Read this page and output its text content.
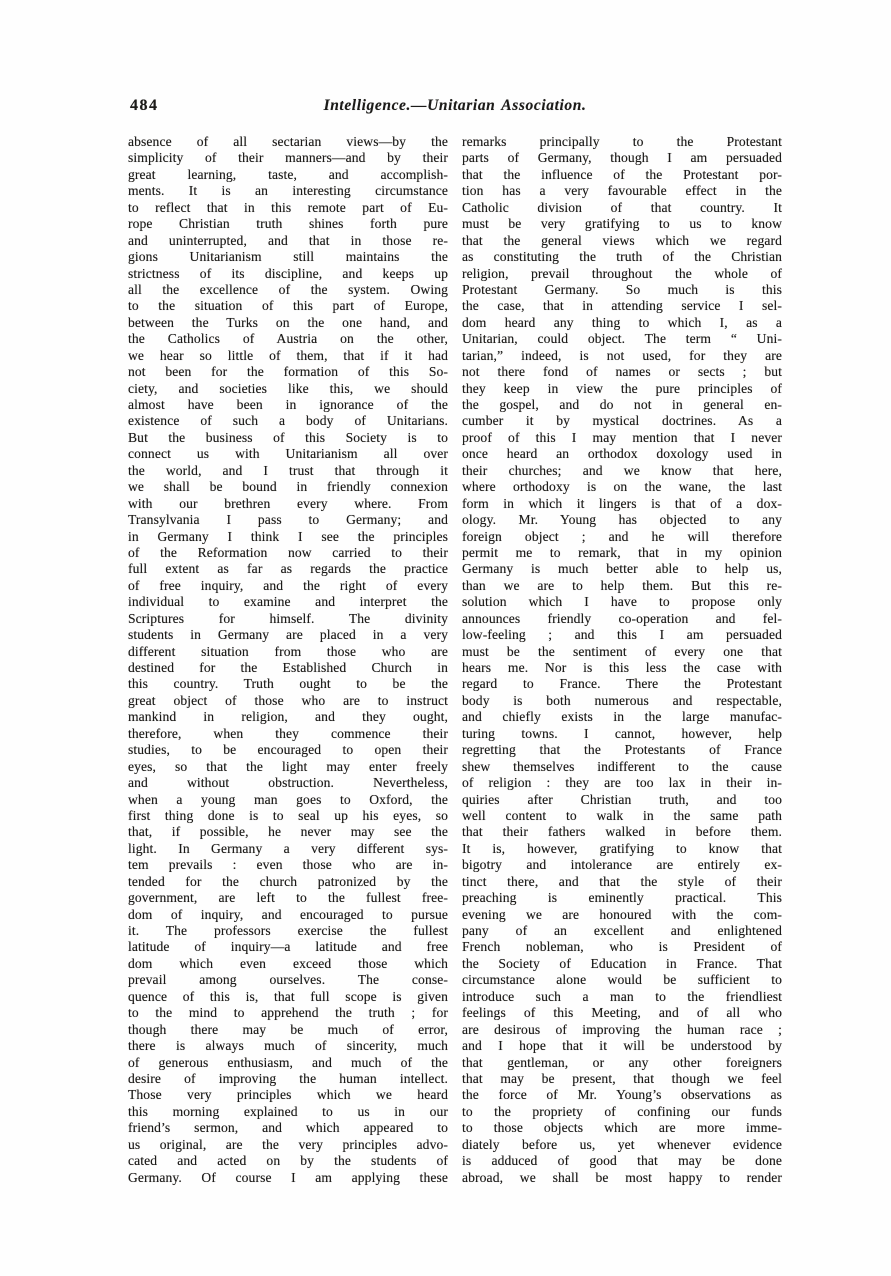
484	Intelligence.—Unitarian Association.
absence of all sectarian views—by the
simplicity of their manners—and by their
great learning, taste, and accomplish-
ments. It is an interesting circumstance
to reflect that in this remote part of Eu-
rope Christian truth shines forth pure
and uninterrupted, and that in those re-
gions Unitarianism still maintains the
strictness of its discipline, and keeps up
all the excellence of the system. Owing
to the situation of this part of Europe,
between the Turks on the one hand, and
the Catholics of Austria on the other,
we hear so little of them, that if it had
not been for the formation of this So-
ciety, and societies like this, we should
almost have been in ignorance of the
existence of such a body of Unitarians.
But the business of this Society is to
connect us with Unitarianism all over
the world, and I trust that through it
we shall be bound in friendly connexion
with our brethren every where. From
Transylvania I pass to Germany; and
in Germany I think I see the principles
of the Reformation now carried to their
full extent as far as regards the practice
of free inquiry, and the right of every
individual to examine and interpret the
Scriptures for himself. The divinity
students in Germany are placed in a very
different situation from those who are
destined for the Established Church in
this country. Truth ought to be the
great object of those who are to instruct
mankind in religion, and they ought,
therefore, when they commence their
studies, to be encouraged to open their
eyes, so that the light may enter freely
and without obstruction. Nevertheless,
when a young man goes to Oxford, the
first thing done is to seal up his eyes, so
that, if possible, he never may see the
light. In Germany a very different sys-
tem prevails : even those who are in-
tended for the church patronized by the
government, are left to the fullest free-
dom of inquiry, and encouraged to pursue
it. The professors exercise the fullest
latitude of inquiry—a latitude and free
dom which even exceed those which
prevail among ourselves. The conse-
quence of this is, that full scope is given
to the mind to apprehend the truth ; for
though there may be much of error,
there is always much of sincerity, much
of generous enthusiasm, and much of the
desire of improving the human intellect.
Those very principles which we heard
this morning explained to us in our
friend’s sermon, and which appeared to
us original, are the very principles advo-
cated and acted on by the students of
Germany. Of course I am applying these
remarks principally to the Protestant
parts of Germany, though I am persuaded
that the influence of the Protestant por-
tion has a very favourable effect in the
Catholic division of that country. It
must be very gratifying to us to know
that the general views which we regard
as constituting the truth of the Christian
religion, prevail throughout the whole of
Protestant Germany. So much is this
the case, that in attending service I sel-
dom heard any thing to which I, as a
Unitarian, could object. The term “ Uni-
tarian,” indeed, is not used, for they are
not there fond of names or sects ; but
they keep in view the pure principles of
the gospel, and do not in general en-
cumber it by mystical doctrines. As a
proof of this I may mention that I never
once heard an orthodox doxology used in
their churches; and we know that here,
where orthodoxy is on the wane, the last
form in which it lingers is that of a dox-
ology. Mr. Young has objected to any
foreign object ; and he will therefore
permit me to remark, that in my opinion
Germany is much better able to help us,
than we are to help them. But this re-
solution which I have to propose only
announces friendly co-operation and fel-
low-feeling ; and this I am persuaded
must be the sentiment of every one that
hears me. Nor is this less the case with
regard to France. There the Protestant
body is both numerous and respectable,
and chiefly exists in the large manufac-
turing towns. I cannot, however, help
regretting that the Protestants of France
shew themselves indifferent to the cause
of religion : they are too lax in their in-
quiries after Christian truth, and too
well content to walk in the same path
that their fathers walked in before them.
It is, however, gratifying to know that
bigotry and intolerance are entirely ex-
tinct there, and that the style of their
preaching is eminently practical. This
evening we are honoured with the com-
pany of an excellent and enlightened
French nobleman, who is President of
the Society of Education in France. That
circumstance alone would be sufficient to
introduce such a man to the friendliest
feelings of this Meeting, and of all who
are desirous of improving the human race ;
and I hope that it will be understood by
that gentleman, or any other foreigners
that may be present, that though we feel
the force of Mr. Young’s observations as
to the propriety of confining our funds
to those objects which are more imme-
diately before us, yet whenever evidence
is adduced of good that may be done
abroad, we shall be most happy to render
